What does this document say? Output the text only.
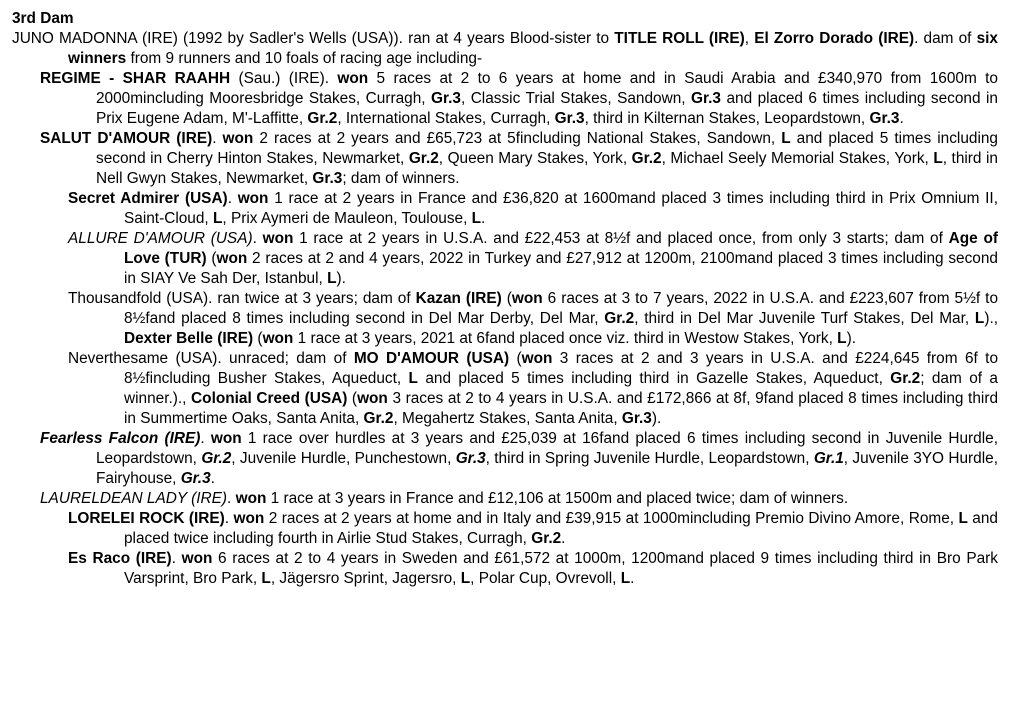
3rd Dam
JUNO MADONNA (IRE) (1992 by Sadler's Wells (USA)). ran at 4 years Blood-sister to TITLE ROLL (IRE), El Zorro Dorado (IRE). dam of six winners from 9 runners and 10 foals of racing age including-
REGIME - SHAR RAAHH (Sau.) (IRE). won 5 races at 2 to 6 years at home and in Saudi Arabia and £340,970 from 1600m to 2000mincluding Mooresbridge Stakes, Curragh, Gr.3, Classic Trial Stakes, Sandown, Gr.3 and placed 6 times including second in Prix Eugene Adam, M'-Laffitte, Gr.2, International Stakes, Curragh, Gr.3, third in Kilternan Stakes, Leopardstown, Gr.3.
SALUT D'AMOUR (IRE). won 2 races at 2 years and £65,723 at 5fincluding National Stakes, Sandown, L and placed 5 times including second in Cherry Hinton Stakes, Newmarket, Gr.2, Queen Mary Stakes, York, Gr.2, Michael Seely Memorial Stakes, York, L, third in Nell Gwyn Stakes, Newmarket, Gr.3; dam of winners.
Secret Admirer (USA). won 1 race at 2 years in France and £36,820 at 1600mand placed 3 times including third in Prix Omnium II, Saint-Cloud, L, Prix Aymeri de Mauleon, Toulouse, L.
ALLURE D'AMOUR (USA). won 1 race at 2 years in U.S.A. and £22,453 at 8½f and placed once, from only 3 starts; dam of Age of Love (TUR) (won 2 races at 2 and 4 years, 2022 in Turkey and £27,912 at 1200m, 2100mand placed 3 times including second in SIAY Ve Sah Der, Istanbul, L).
Thousandfold (USA). ran twice at 3 years; dam of Kazan (IRE) (won 6 races at 3 to 7 years, 2022 in U.S.A. and £223,607 from 5½f to 8½fand placed 8 times including second in Del Mar Derby, Del Mar, Gr.2, third in Del Mar Juvenile Turf Stakes, Del Mar, L)., Dexter Belle (IRE) (won 1 race at 3 years, 2021 at 6fand placed once viz. third in Westow Stakes, York, L).
Neverthesame (USA). unraced; dam of MO D'AMOUR (USA) (won 3 races at 2 and 3 years in U.S.A. and £224,645 from 6f to 8½fincluding Busher Stakes, Aqueduct, L and placed 5 times including third in Gazelle Stakes, Aqueduct, Gr.2; dam of a winner.)., Colonial Creed (USA) (won 3 races at 2 to 4 years in U.S.A. and £172,866 at 8f, 9fand placed 8 times including third in Summertime Oaks, Santa Anita, Gr.2, Megahertz Stakes, Santa Anita, Gr.3).
Fearless Falcon (IRE). won 1 race over hurdles at 3 years and £25,039 at 16fand placed 6 times including second in Juvenile Hurdle, Leopardstown, Gr.2, Juvenile Hurdle, Punchestown, Gr.3, third in Spring Juvenile Hurdle, Leopardstown, Gr.1, Juvenile 3YO Hurdle, Fairyhouse, Gr.3.
LAURELDEAN LADY (IRE). won 1 race at 3 years in France and £12,106 at 1500m and placed twice; dam of winners.
LORELEI ROCK (IRE). won 2 races at 2 years at home and in Italy and £39,915 at 1000mincluding Premio Divino Amore, Rome, L and placed twice including fourth in Airlie Stud Stakes, Curragh, Gr.2.
Es Raco (IRE). won 6 races at 2 to 4 years in Sweden and £61,572 at 1000m, 1200mand placed 9 times including third in Bro Park Varsprint, Bro Park, L, Jägersro Sprint, Jagersro, L, Polar Cup, Ovrevoll, L.
